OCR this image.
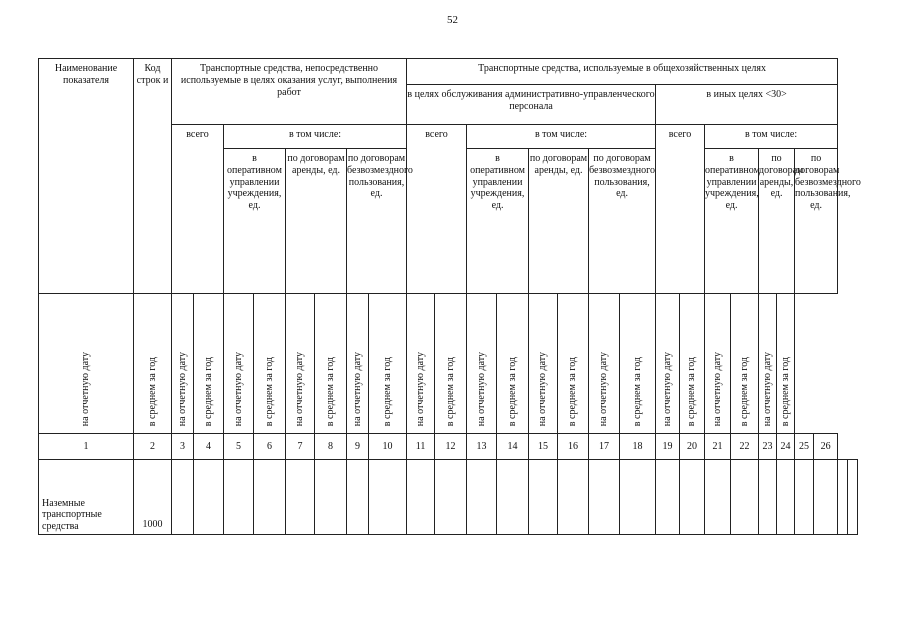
52
Наименование показателя	Код строк и	Транспортные средства, непосредственно используемые в целях оказания услуг, выполнения работ								Транспортные средства, используемые в общехозяйственных целях																	
										в целях обслуживания административно-управленческого персонала								в иных целях <30>									
		всего		в том числе:						всего		в том числе:						всего		в том числе:							
				в оперативном управлении учреждения, ед.		по договорам аренды, ед.		по договорам безвозмездного пользования, ед.				в оперативном управлении учреждения, ед.		по договорам аренды, ед.		по договорам безвозмездного пользования, ед.				в оперативном управлении учреждения, ед.		по договорам аренды, ед.		по договорам безвозмездного пользования, ед.			
на отчетную дату	в среднем за год	на отчетную дату	в среднем за год	на отчетную дату	в среднем за год	на отчетную дату	в среднем за год	на отчетную дату	в среднем за год	на отчетную дату	в среднем за год	на отчетную дату	в среднем за год	на отчетную дату	в среднем за год	на отчетную дату	в среднем за год	на отчетную дату	в среднем за год	на отчетную дату	в среднем за год	на отчетную дату	в среднем за год				
1	2	3	4	5	6	7	8	9	10	11	12	13	14	15	16	17	18	19	20	21	22	23	24	25	26		

Наземные транспортные средства	1000																										
